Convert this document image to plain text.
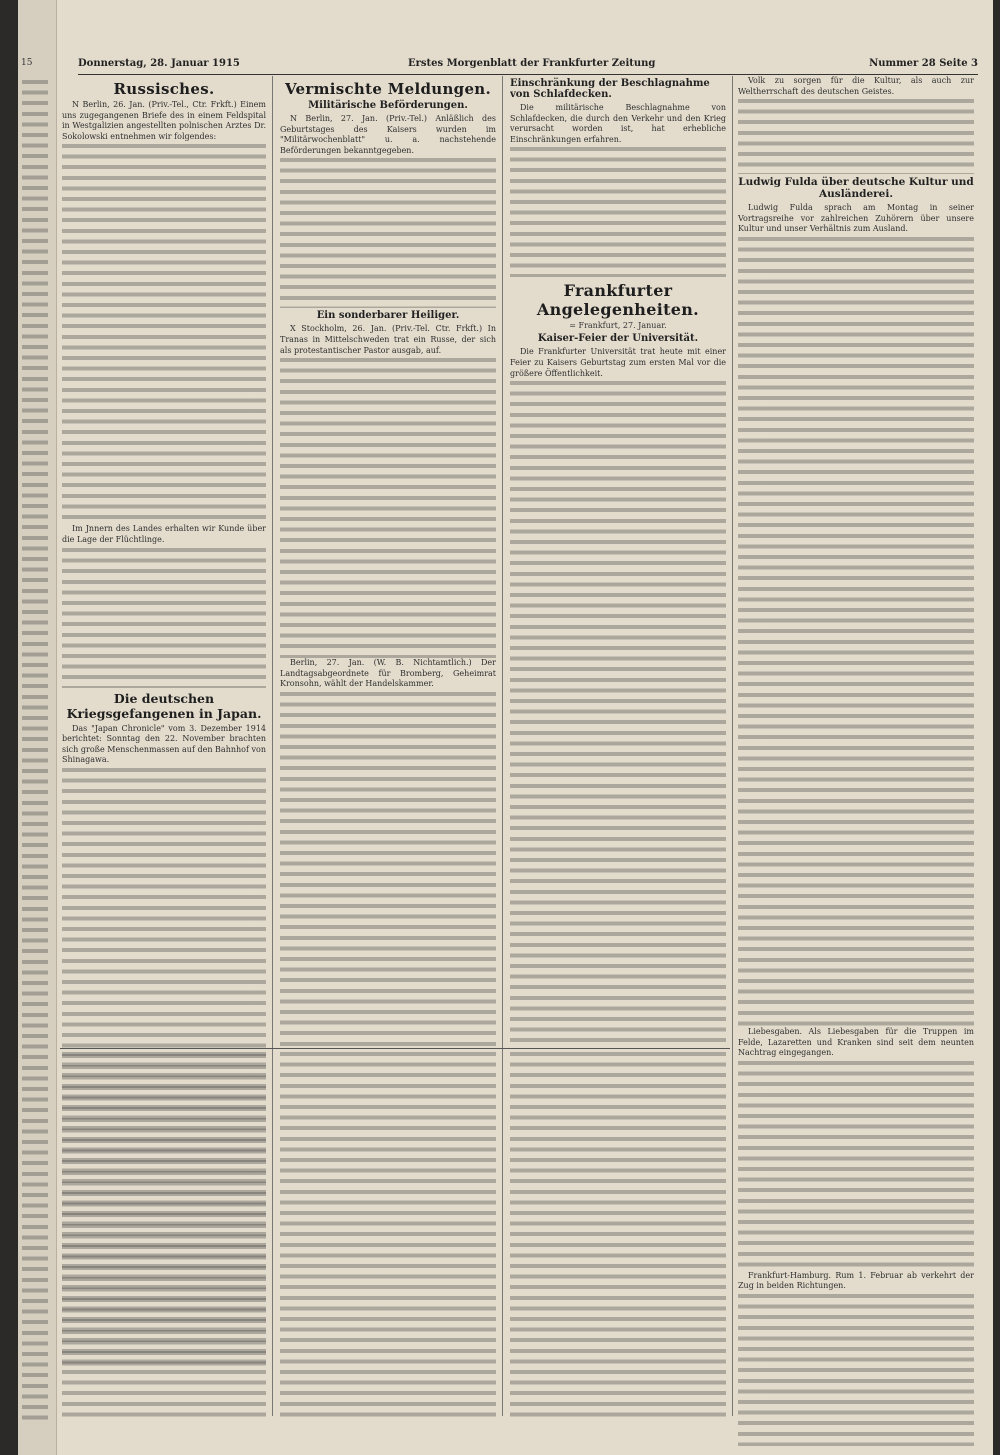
15	Donnerstag, 28. Januar 1915	Erstes Morgenblatt der Frankfurter Zeitung	Nummer 28 Seite 3
Russisches.

N Berlin, 26. Jan. (Priv.-Tel., Ctr. Frkft.) Einem uns zugegangenen Briefe des in einem Feldspital in Westgalizien angestellten polnischen Arztes Dr. Sokolowski entnehmen wir folgendes:

Im Jnnern des Landes erhalten wir Kunde über die Lage der Flüchtlinge.

Die deutschen Kriegsgefangenen in Japan.

Das "Japan Chronicle" vom 3. Dezember 1914 berichtet: Sonntag den 22. November brachten sich große Menschenmassen auf den Bahnhof von Shinagawa.

Vermischte Meldungen.
Militärische Beförderungen.

N Berlin, 27. Jan. (Priv.-Tel.) Anläßlich des Geburtstages des Kaisers wurden im "Militärwochenblatt" u. a. nachstehende Beförderungen bekanntgegeben.

Ein sonderbarer Heiliger.

X Stockholm, 26. Jan. (Priv.-Tel. Ctr. Frkft.) In Tranas in Mittelschweden trat ein Russe, der sich als protestantischer Pastor ausgab, auf.

Berlin, 27. Jan. (W. B. Nichtamtlich.) Der Landtagsabgeordnete für Bromberg, Geheimrat Kronsohn, wählt der Handelskammer.

Einschränkung der Beschlagnahme von Schlafdecken.

Die militärische Beschlagnahme von Schlafdecken, die durch den Verkehr und den Krieg verursacht worden ist, hat erhebliche Einschränkungen erfahren.

Frankfurter Angelegenheiten.
= Frankfurt, 27. Januar.
Kaiser-Feier der Universität.

Die Frankfurter Universität trat heute mit einer Feier zu Kaisers Geburtstag zum ersten Mal vor die größere Öffentlichkeit.

Volk zu sorgen für die Kultur, als auch zur Weltherrschaft des deutschen Geistes.

Ludwig Fulda über deutsche Kultur und Ausländerei.

Ludwig Fulda sprach am Montag in seiner Vortragsreihe vor zahlreichen Zuhörern über unsere Kultur und unser Verhältnis zum Ausland.

Liebesgaben. Als Liebesgaben für die Truppen im Felde, Lazaretten und Kranken sind seit dem neunten Nachtrag eingegangen.

Frankfurt-Hamburg. Rum 1. Februar ab verkehrt der Zug in beiden Richtungen.
